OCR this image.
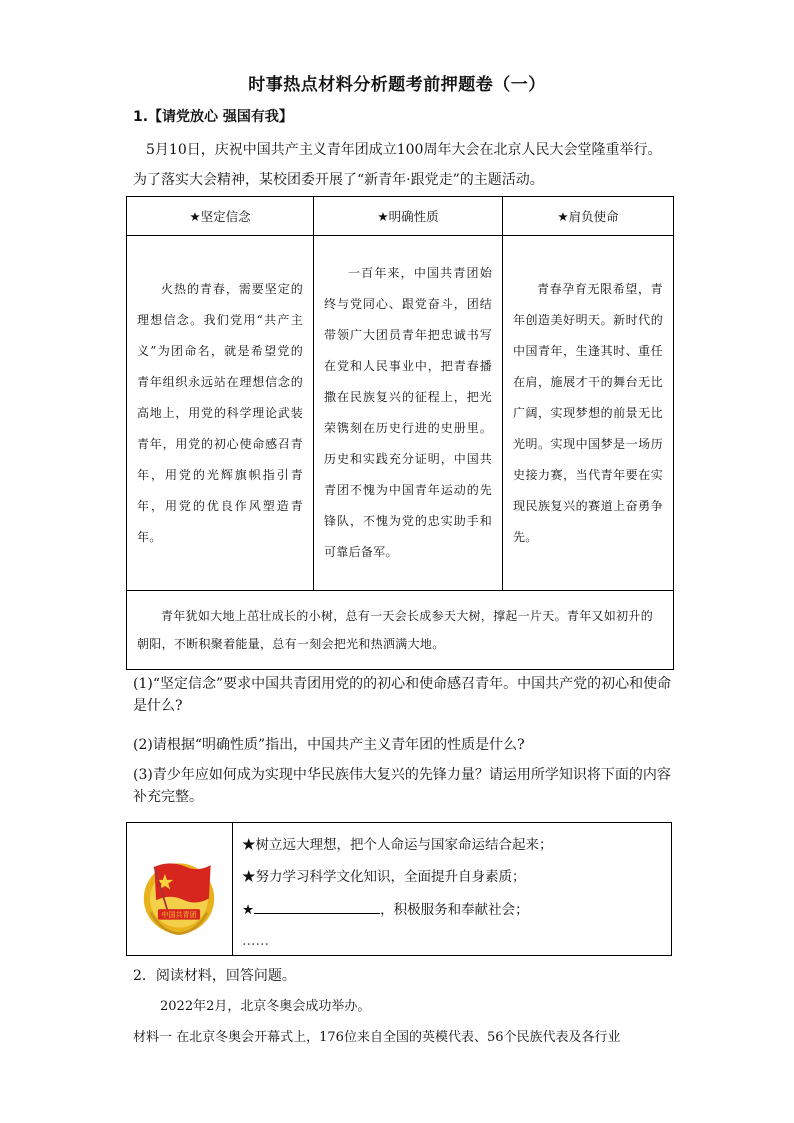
时事热点材料分析题考前押题卷（一）
1.【请党放心 强国有我】
5月10日，庆祝中国共产主义青年团成立100周年大会在北京人民大会堂隆重举行。
为了落实大会精神，某校团委开展了“新青年·跟党走”的主题活动。
★坚定信念	★明确性质	★肩负使命

火热的青春，需要坚定的理想信念。我们党用“共产主义”为团命名，就是希望党的青年组织永远站在理想信念的高地上，用党的科学理论武装青年，用党的初心使命感召青年，用党的光辉旗帜指引青年，用党的优良作风塑造青年。	一百年来，中国共青团始终与党同心、跟党奋斗，团结带领广大团员青年把忠诚书写在党和人民事业中，把青春播撒在民族复兴的征程上，把光荣镌刻在历史行进的史册里。历史和实践充分证明，中国共青团不愧为中国青年运动的先锋队，不愧为党的忠实助手和可靠后备军。	青春孕育无限希望，青年创造美好明天。新时代的中国青年，生逢其时、重任在肩，施展才干的舞台无比广阔，实现梦想的前景无比光明。实现中国梦是一场历史接力赛，当代青年要在实现民族复兴的赛道上奋勇争先。

青年犹如大地上茁壮成长的小树，总有一天会长成参天大树，撑起一片天。青年又如初升的朝阳，不断积聚着能量，总有一刻会把光和热洒满大地。		
(1)“坚定信念”要求中国共青团用党的的初心和使命感召青年。中国共产党的初心和使命是什么?
(2)请根据“明确性质”指出，中国共产主义青年团的性质是什么?
(3)青少年应如何成为实现中华民族伟大复兴的先锋力量？请运用所学知识将下面的内容补充完整。
中国共青团
★树立远大理想，把个人命运与国家命运结合起来；
★努力学习科学文化知识，全面提升自身素质；
★	，积极服务和奉献社会；
……
2．阅读材料，回答问题。
2022年2月，北京冬奥会成功举办。
材料一 在北京冬奥会开幕式上，176位来自全国的英模代表、56个民族代表及各行业
